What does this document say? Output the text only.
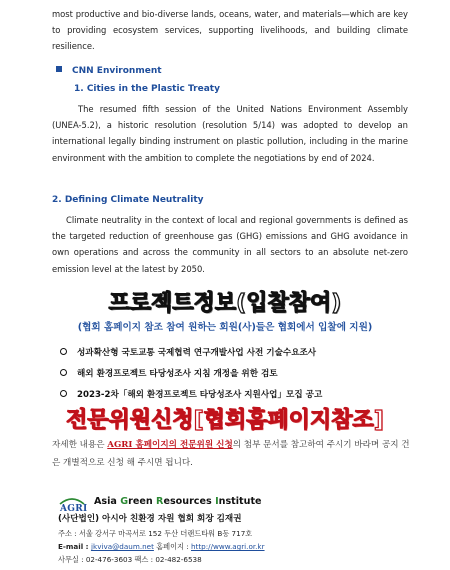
most productive and bio-diverse lands, oceans, water, and materials—which are key to providing ecosystem services, supporting livelihoods, and building climate resilience.
CNN Environment
1. Cities in the Plastic Treaty
The resumed fifth session of the United Nations Environment Assembly (UNEA-5.2), a historic resolution (resolution 5/14) was adopted to develop an international legally binding instrument on plastic pollution, including in the marine environment with the ambition to complete the negotiations by end of 2024.
2. Defining Climate Neutrality
Climate neutrality in the context of local and regional governments is defined as the targeted reduction of greenhouse gas (GHG) emissions and GHG avoidance in own operations and across the community in all sectors to an absolute net-zero emission level at the latest by 2050.
프로젝트정보(입찰참여)
(협회 홈페이지 참조 참여 원하는 회원(사)들은 협회에서 입찰에 지원)
성과확산형 국토교통 국제협력 연구개발사업 사전 기술수요조사
해외 환경프로젝트 타당성조사 지침 개정을 위한 검토
2023-2차「해외 환경프로젝트 타당성조사 지원사업」모집 공고
전문위원신청[협회홈페이지참조]
자세한 내용은 AGRI 홈페이지의 전문위원 신청의 첨부 문서를 참고하여 주시기 바라며 공지 건은 개별적으로 신청 해 주시면 됩니다.
AGRI
Asia Green Resources Institute
(사단법인) 아시아 친환경 자원 협회 회장 김재권
주소 : 서울 강서구 마곡서로 152 두산 더랜드타워 B동 717호
E-mail : jkviva@daum.net 홈페이지 : http://www.agri.or.kr
사무실 : 02-476-3603 팩스 : 02-482-6538
